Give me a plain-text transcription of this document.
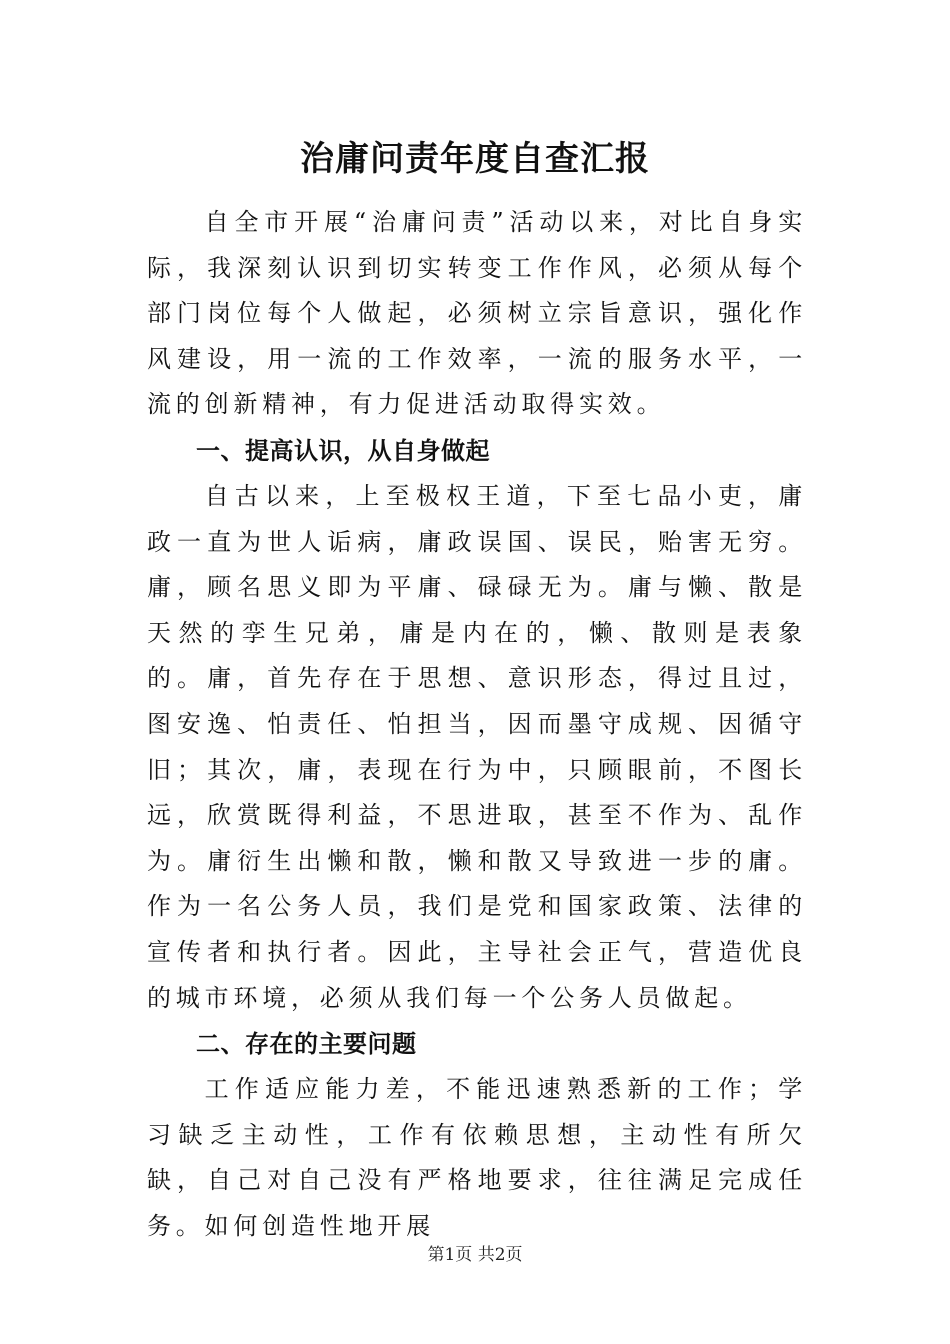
治庸问责年度自查汇报

自全市开展“治庸问责”活动以来，对比自身实际，我深刻认识到切实转变工作作风，必须从每个部门岗位每个人做起，必须树立宗旨意识，强化作风建设，用一流的工作效率，一流的服务水平，一流的创新精神，有力促进活动取得实效。

一、提高认识，从自身做起

自古以来，上至极权王道，下至七品小吏，庸政一直为世人诟病，庸政误国、误民，贻害无穷。庸，顾名思义即为平庸、碌碌无为。庸与懒、散是天然的孪生兄弟，庸是内在的，懒、散则是表象的。庸，首先存在于思想、意识形态，得过且过，图安逸、怕责任、怕担当，因而墨守成规、因循守旧；其次，庸，表现在行为中，只顾眼前，不图长远，欣赏既得利益，不思进取，甚至不作为、乱作为。庸衍生出懒和散，懒和散又导致进一步的庸。作为一名公务人员，我们是党和国家政策、法律的宣传者和执行者。因此，主导社会正气，营造优良的城市环境，必须从我们每一个公务人员做起。

二、存在的主要问题

工作适应能力差，不能迅速熟悉新的工作；学习缺乏主动性，工作有依赖思想，主动性有所欠缺，自己对自己没有严格地要求，往往满足完成任务。如何创造性地开展

第1页 共2页
